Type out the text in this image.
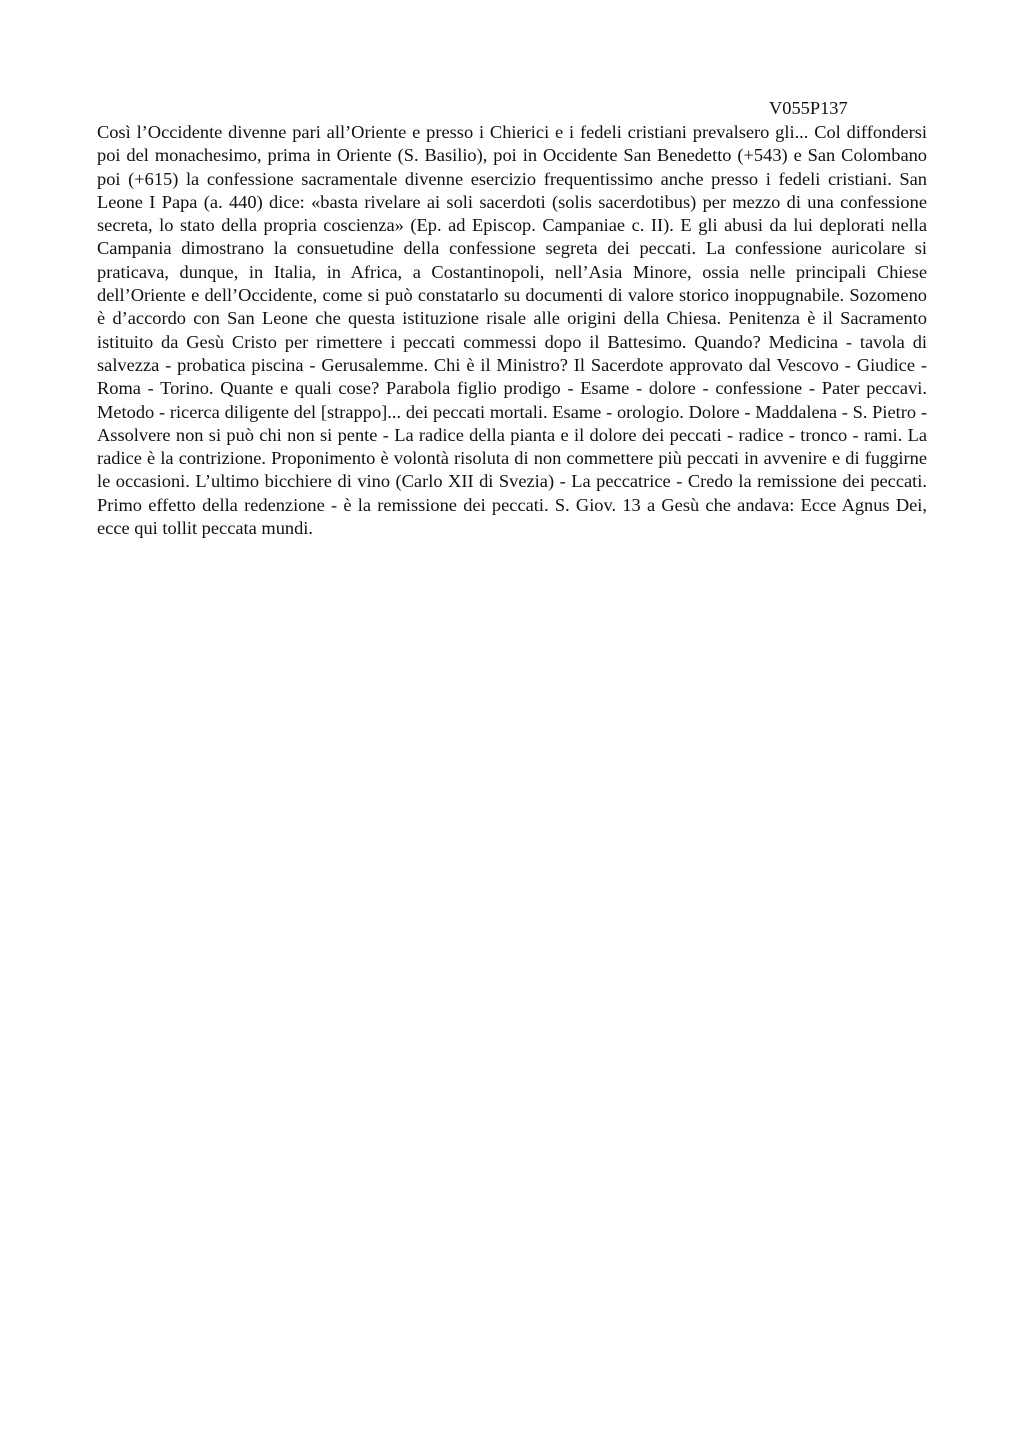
V055P137

Così l’Occidente divenne pari all’Oriente e presso i Chierici e i fedeli cristiani prevalsero gli... Col diffondersi poi del monachesimo, prima in Oriente (S. Basilio), poi in Occidente San Benedetto (+543) e San Colombano poi (+615) la confessione sacramentale divenne esercizio frequentissimo anche presso i fedeli cristiani. San Leone I Papa (a. 440) dice: «basta rivelare ai soli sacerdoti (solis sacerdotibus) per mezzo di una confessione secreta, lo stato della propria coscienza» (Ep. ad Episcop. Campaniae c. II). E gli abusi da lui deplorati nella Campania dimostrano la consuetudine della confessione segreta dei peccati. La confessione auricolare si praticava, dunque, in Italia, in Africa, a Costantinopoli, nell’Asia Minore, ossia nelle principali Chiese dell’Oriente e dell’Occidente, come si può constatarlo su documenti di valore storico inoppugnabile. Sozomeno è d’accordo con San Leone che questa istituzione risale alle origini della Chiesa. Penitenza è il Sacramento istituito da Gesù Cristo per rimettere i peccati commessi dopo il Battesimo. Quando? Medicina - tavola di salvezza - probatica piscina - Gerusalemme. Chi è il Ministro? Il Sacerdote approvato dal Vescovo - Giudice - Roma - Torino. Quante e quali cose? Parabola figlio prodigo - Esame - dolore - confessione - Pater peccavi. Metodo - ricerca diligente del [strappo]... dei peccati mortali. Esame - orologio. Dolore - Maddalena - S. Pietro - Assolvere non si può chi non si pente - La radice della pianta e il dolore dei peccati - radice - tronco - rami. La radice è la contrizione. Proponimento è volontà risoluta di non commettere più peccati in avvenire e di fuggirne le occasioni. L’ultimo bicchiere di vino (Carlo XII di Svezia) - La peccatrice - Credo la remissione dei peccati. Primo effetto della redenzione - è la remissione dei peccati. S. Giov. 13 a Gesù che andava: Ecce Agnus Dei, ecce qui tollit peccata mundi.
